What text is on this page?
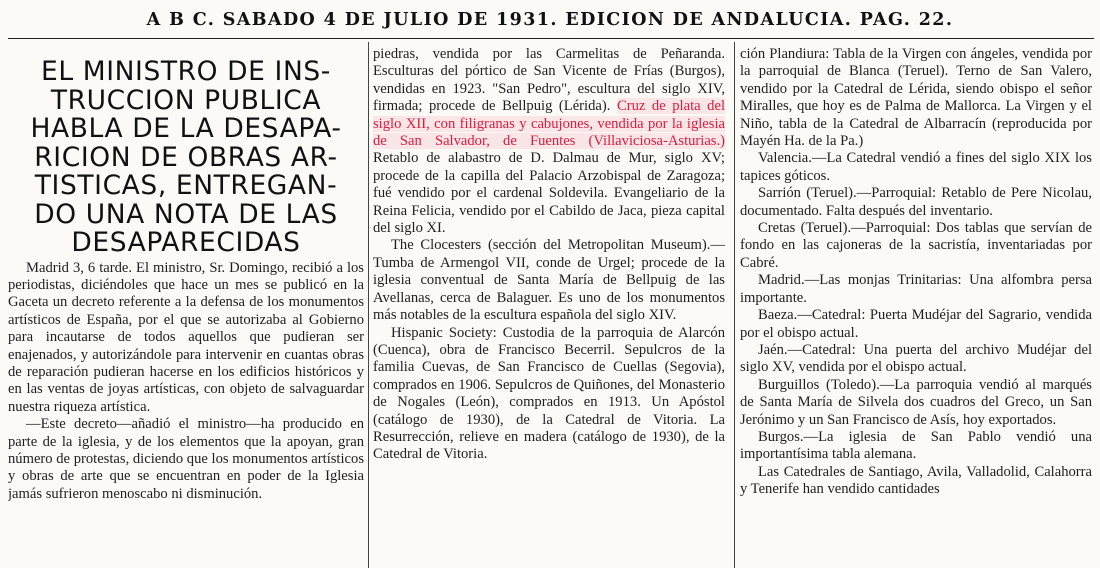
A B C. SABADO 4 DE JULIO DE 1931. EDICION DE ANDALUCIA. PAG. 22.
EL MINISTRO DE INS-
TRUCCION PUBLICA
HABLA DE LA DESAPA-
RICION DE OBRAS AR-
TISTICAS, ENTREGAN-
DO UNA NOTA DE LAS
DESAPARECIDAS

Madrid 3, 6 tarde. El ministro, Sr. Domingo, recibió a los periodistas, diciéndoles que hace un mes se publicó en la Gaceta un decreto referente a la defensa de los monumentos artísticos de España, por el que se autorizaba al Gobierno para incautarse de todos aquellos que pudieran ser enajenados, y autorizándole para intervenir en cuantas obras de reparación pudieran hacerse en los edificios históricos y en las ventas de joyas artísticas, con objeto de salvaguardar nuestra riqueza artística.

—Este decreto—añadió el ministro—ha producido en parte de la iglesia, y de los elementos que la apoyan, gran número de protestas, diciendo que los monumentos artísticos y obras de arte que se encuentran en poder de la Iglesia jamás sufrieron menoscabo ni disminución.

piedras, vendida por las Carmelitas de Peñaranda. Esculturas del pórtico de San Vicente de Frías (Burgos), vendidas en 1923. "San Pedro", escultura del siglo XIV, firmada; procede de Bellpuig (Lérida). Cruz de plata del siglo XII, con filigranas y cabujones, vendida por la iglesia de San Salvador, de Fuentes (Villaviciosa-Asturias.) Retablo de alabastro de D. Dalmau de Mur, siglo XV; procede de la capilla del Palacio Arzobispal de Zaragoza; fué vendido por el cardenal Soldevila. Evangeliario de la Reina Felicia, vendido por el Cabildo de Jaca, pieza capital del siglo XI.

The Clocesters (sección del Metropolitan Museum).—Tumba de Armengol VII, conde de Urgel; procede de la iglesia conventual de Santa María de Bellpuig de las Avellanas, cerca de Balaguer. Es uno de los monumentos más notables de la escultura española del siglo XIV.

Hispanic Society: Custodia de la parroquia de Alarcón (Cuenca), obra de Francisco Becerril. Sepulcros de la familia Cuevas, de San Francisco de Cuellas (Segovia), comprados en 1906. Sepulcros de Quiñones, del Monasterio de Nogales (León), comprados en 1913. Un Apóstol (catálogo de 1930), de la Catedral de Vitoria. La Resurrección, relieve en madera (catálogo de 1930), de la Catedral de Vitoria.

ción Plandiura: Tabla de la Virgen con ángeles, vendida por la parroquial de Blanca (Teruel). Terno de San Valero, vendido por la Catedral de Lérida, siendo obispo el señor Miralles, que hoy es de Palma de Mallorca. La Virgen y el Niño, tabla de la Catedral de Albarracín (reproducida por Mayén Ha. de la Pa.)

Valencia.—La Catedral vendió a fines del siglo XIX los tapices góticos.

Sarrión (Teruel).—Parroquial: Retablo de Pere Nicolau, documentado. Falta después del inventario.

Cretas (Teruel).—Parroquial: Dos tablas que servían de fondo en las cajoneras de la sacristía, inventariadas por Cabré.

Madrid.—Las monjas Trinitarias: Una alfombra persa importante.

Baeza.—Catedral: Puerta Mudéjar del Sagrario, vendida por el obispo actual.

Jaén.—Catedral: Una puerta del archivo Mudéjar del siglo XV, vendida por el obispo actual.

Burguillos (Toledo).—La parroquia vendió al marqués de Santa María de Silvela dos cuadros del Greco, un San Jerónimo y un San Francisco de Asís, hoy exportados.

Burgos.—La iglesia de San Pablo vendió una importantísima tabla alemana.

Las Catedrales de Santiago, Avila, Valladolid, Calahorra y Tenerife han vendido cantidades
